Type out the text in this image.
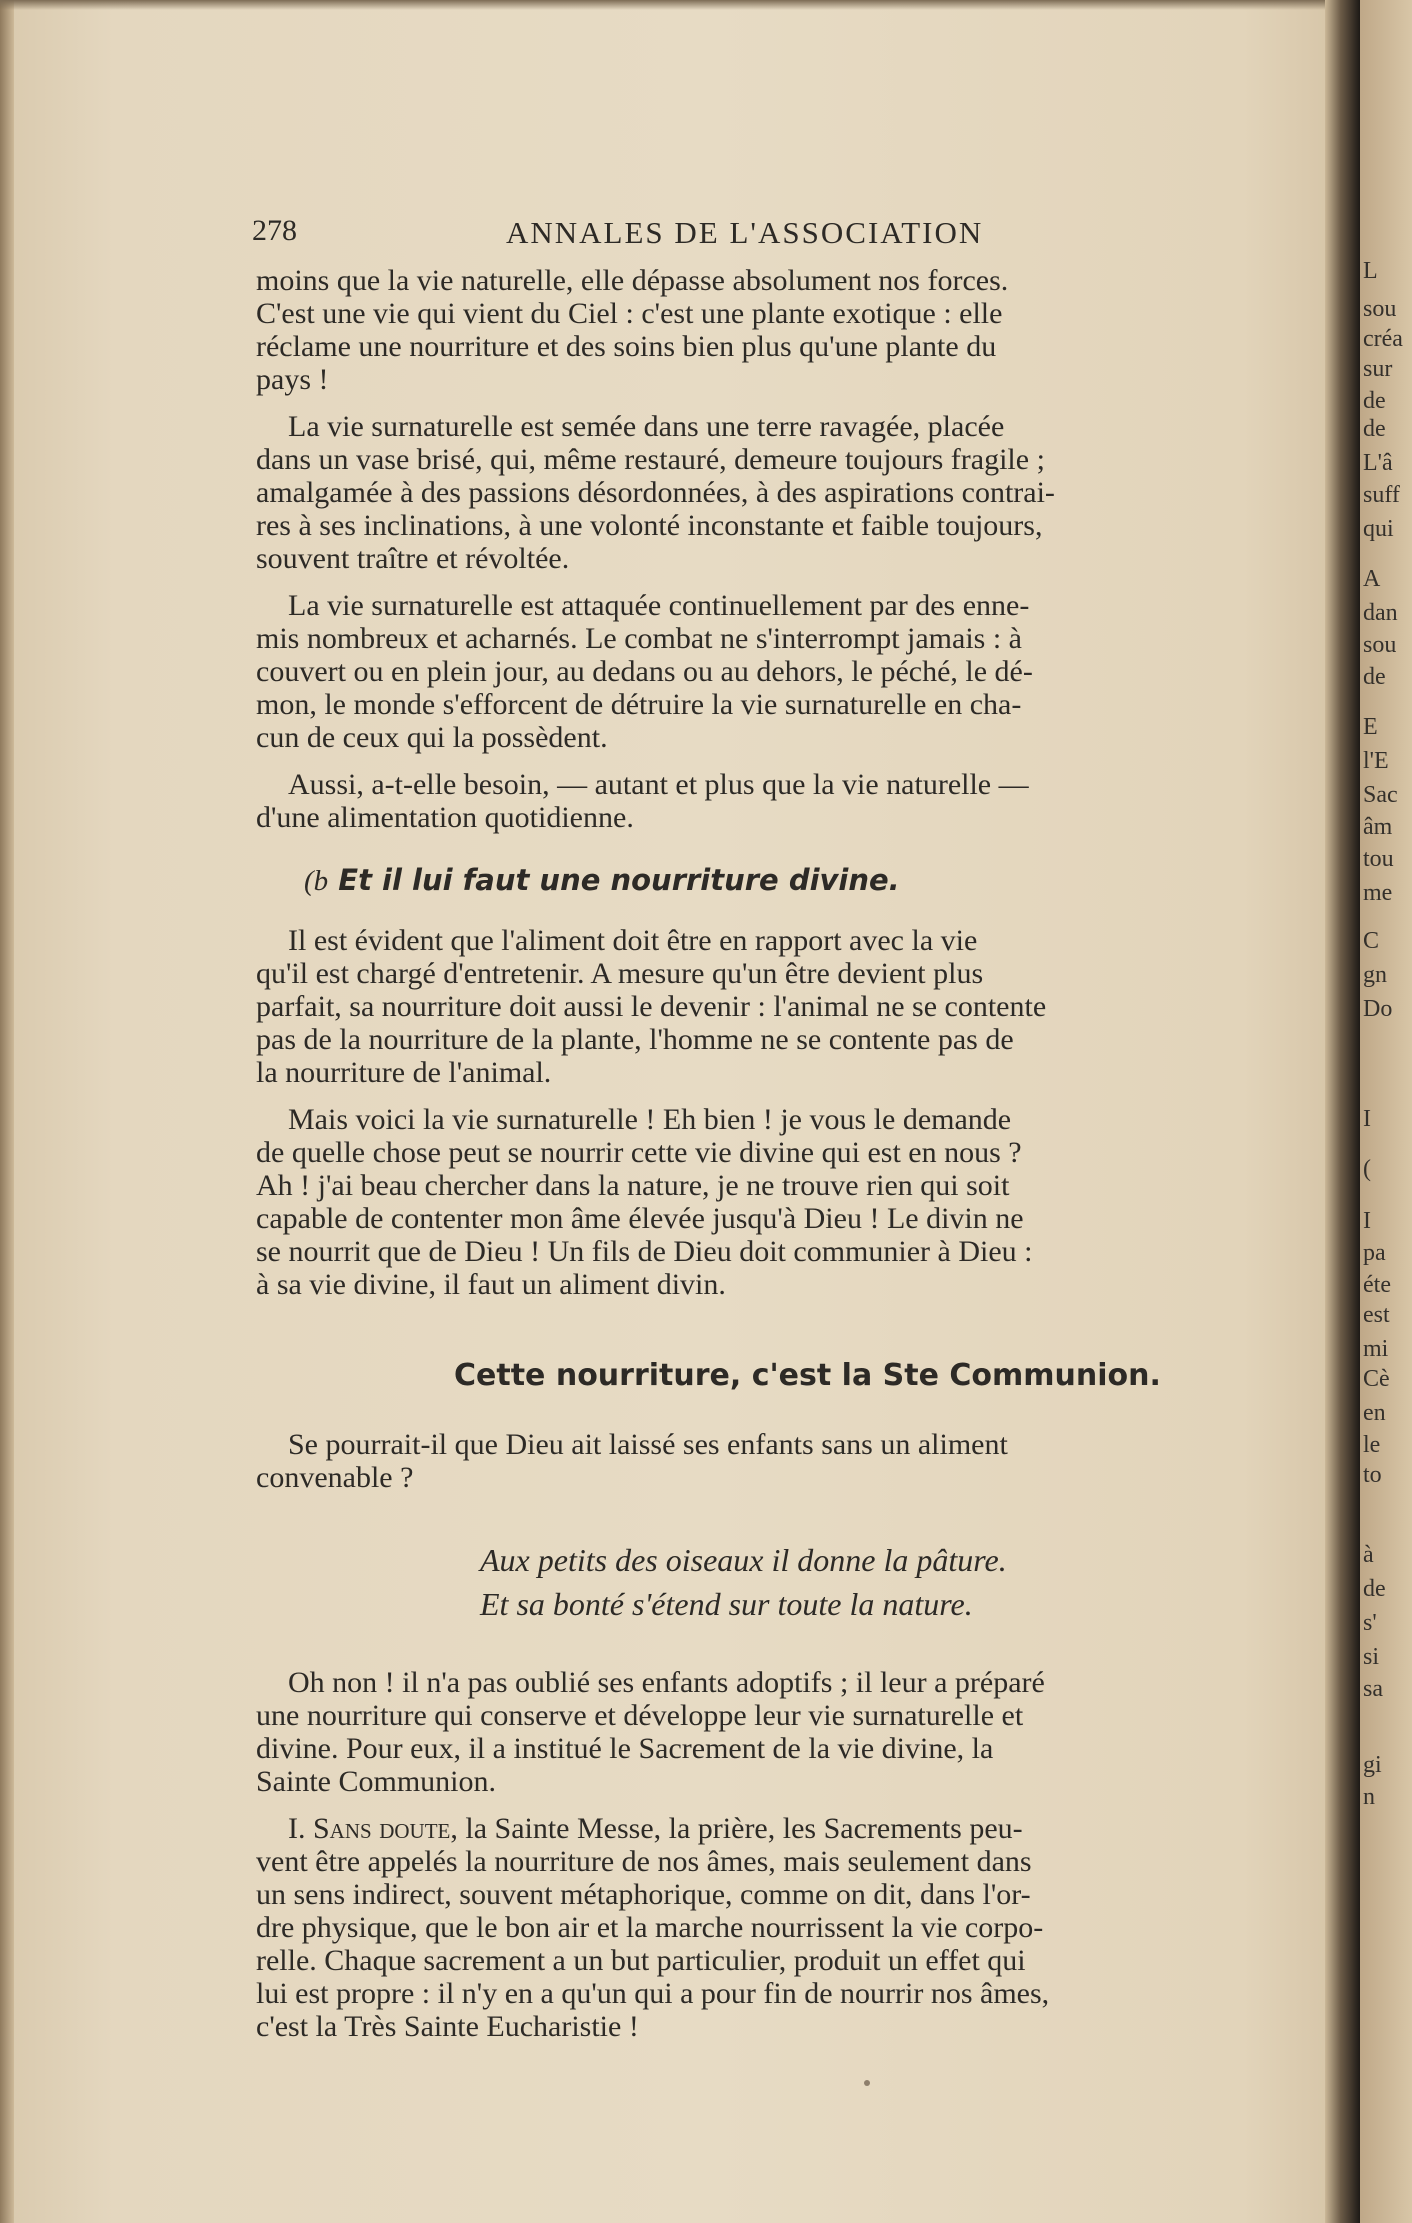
278	ANNALES DE L'ASSOCIATION
moins que la vie naturelle, elle dépasse absolument nos forces.
C'est une vie qui vient du Ciel : c'est une plante exotique : elle
réclame une nourriture et des soins bien plus qu'une plante du
pays !
La vie surnaturelle est semée dans une terre ravagée, placée
dans un vase brisé, qui, même restauré, demeure toujours fragile ;
amalgamée à des passions désordonnées, à des aspirations contrai-
res à ses inclinations, à une volonté inconstante et faible toujours,
souvent traître et révoltée.
La vie surnaturelle est attaquée continuellement par des enne-
mis nombreux et acharnés. Le combat ne s'interrompt jamais : à
couvert ou en plein jour, au dedans ou au dehors, le péché, le dé-
mon, le monde s'efforcent de détruire la vie surnaturelle en cha-
cun de ceux qui la possèdent.
Aussi, a-t-elle besoin, — autant et plus que la vie naturelle —
d'une alimentation quotidienne.
(b Et il lui faut une nourriture divine.
Il est évident que l'aliment doit être en rapport avec la vie
qu'il est chargé d'entretenir. A mesure qu'un être devient plus
parfait, sa nourriture doit aussi le devenir : l'animal ne se contente
pas de la nourriture de la plante, l'homme ne se contente pas de
la nourriture de l'animal.
Mais voici la vie surnaturelle ! Eh bien ! je vous le demande
de quelle chose peut se nourrir cette vie divine qui est en nous ?
Ah ! j'ai beau chercher dans la nature, je ne trouve rien qui soit
capable de contenter mon âme élevée jusqu'à Dieu ! Le divin ne
se nourrit que de Dieu ! Un fils de Dieu doit communier à Dieu :
à sa vie divine, il faut un aliment divin.
Cette nourriture, c'est la Ste Communion.
Se pourrait-il que Dieu ait laissé ses enfants sans un aliment
convenable ?
Aux petits des oiseaux il donne la pâture.
Et sa bonté s'étend sur toute la nature.
Oh non ! il n'a pas oublié ses enfants adoptifs ; il leur a préparé
une nourriture qui conserve et développe leur vie surnaturelle et
divine. Pour eux, il a institué le Sacrement de la vie divine, la
Sainte Communion.
I. Sans doute, la Sainte Messe, la prière, les Sacrements peu-
vent être appelés la nourriture de nos âmes, mais seulement dans
un sens indirect, souvent métaphorique, comme on dit, dans l'or-
dre physique, que le bon air et la marche nourrissent la vie corpo-
relle. Chaque sacrement a un but particulier, produit un effet qui
lui est propre : il n'y en a qu'un qui a pour fin de nourrir nos âmes,
c'est la Très Sainte Eucharistie !
L
sou
créa
sur
de
de
L'â
suff
qui
A
dan
sou
de
E
l'E
Sac
âm
tou
me
C
gn
Do
I
(
I
pa
éte
est
mi
Cè
en
le
to
à
de
s'
si
sa
gi
n
